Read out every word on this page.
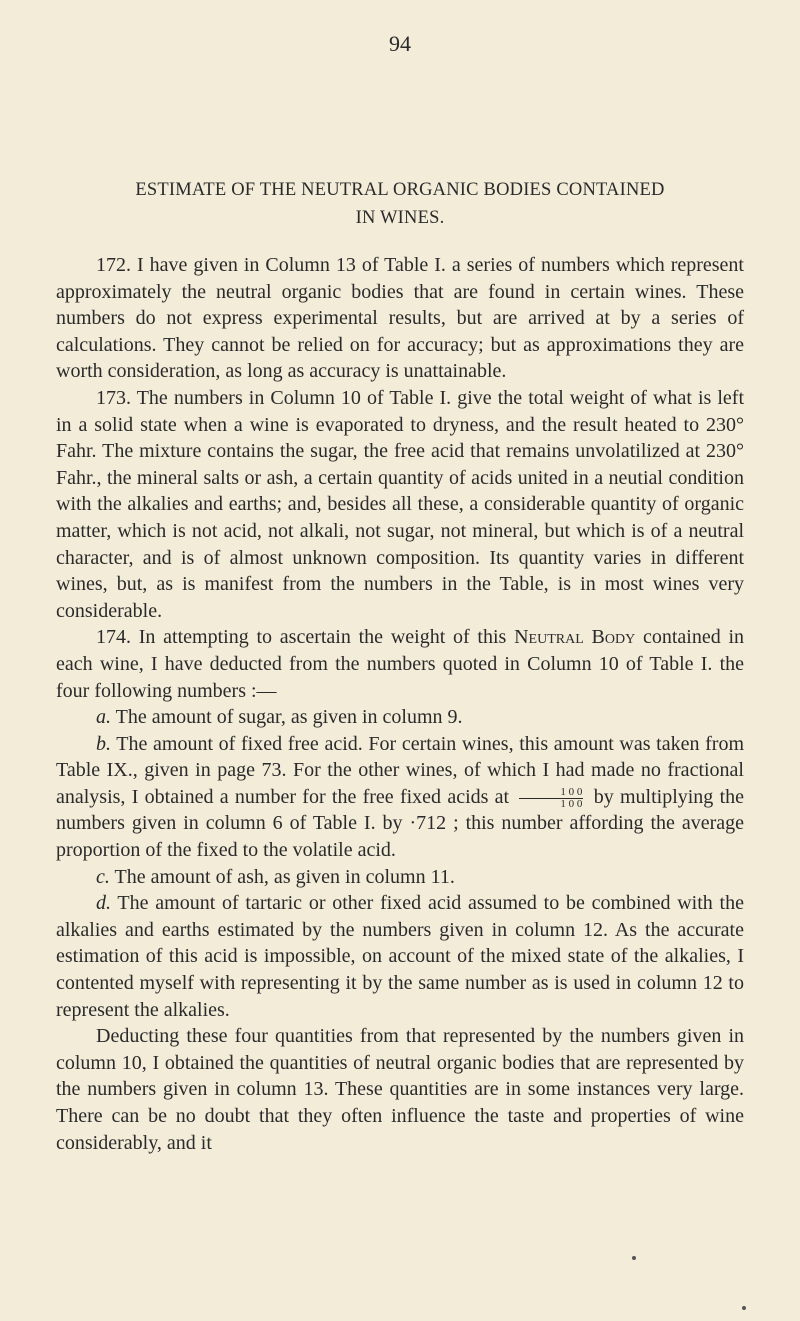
94
ESTIMATE OF THE NEUTRAL ORGANIC BODIES CONTAINED
IN WINES.

172. I have given in Column 13 of Table I. a series of numbers which represent approximately the neutral organic bodies that are found in certain wines. These numbers do not express experimental results, but are arrived at by a series of calculations. They cannot be relied on for accuracy; but as approximations they are worth consideration, as long as accuracy is unattainable.

173. The numbers in Column 10 of Table I. give the total weight of what is left in a solid state when a wine is evaporated to dryness, and the result heated to 230° Fahr. The mixture contains the sugar, the free acid that remains unvolatilized at 230° Fahr., the mineral salts or ash, a certain quantity of acids united in a neutial condition with the alkalies and earths; and, besides all these, a considerable quantity of organic matter, which is not acid, not alkali, not sugar, not mineral, but which is of a neutral character, and is of almost unknown composition. Its quantity varies in different wines, but, as is manifest from the numbers in the Table, is in most wines very considerable.

174. In attempting to ascertain the weight of this Neutral Body contained in each wine, I have deducted from the numbers quoted in Column 10 of Table I. the four following numbers :—

a. The amount of sugar, as given in column 9.

b. The amount of fixed free acid. For certain wines, this amount was taken from Table IX., given in page 73. For the other wines, of which I had made no fractional analysis, I obtained a number for the free fixed acids at $\frac{1 0 0}{1 0 0}$ by multiplying the numbers given in column 6 of Table I. by ·712 ; this number affording the average proportion of the fixed to the volatile acid.

c. The amount of ash, as given in column 11.

d. The amount of tartaric or other fixed acid assumed to be combined with the alkalies and earths estimated by the numbers given in column 12. As the accurate estimation of this acid is impossible, on account of the mixed state of the alkalies, I contented myself with representing it by the same number as is used in column 12 to represent the alkalies.

Deducting these four quantities from that represented by the numbers given in column 10, I obtained the quantities of neutral organic bodies that are represented by the numbers given in column 13. These quantities are in some instances very large. There can be no doubt that they often influence the taste and properties of wine considerably, and it
